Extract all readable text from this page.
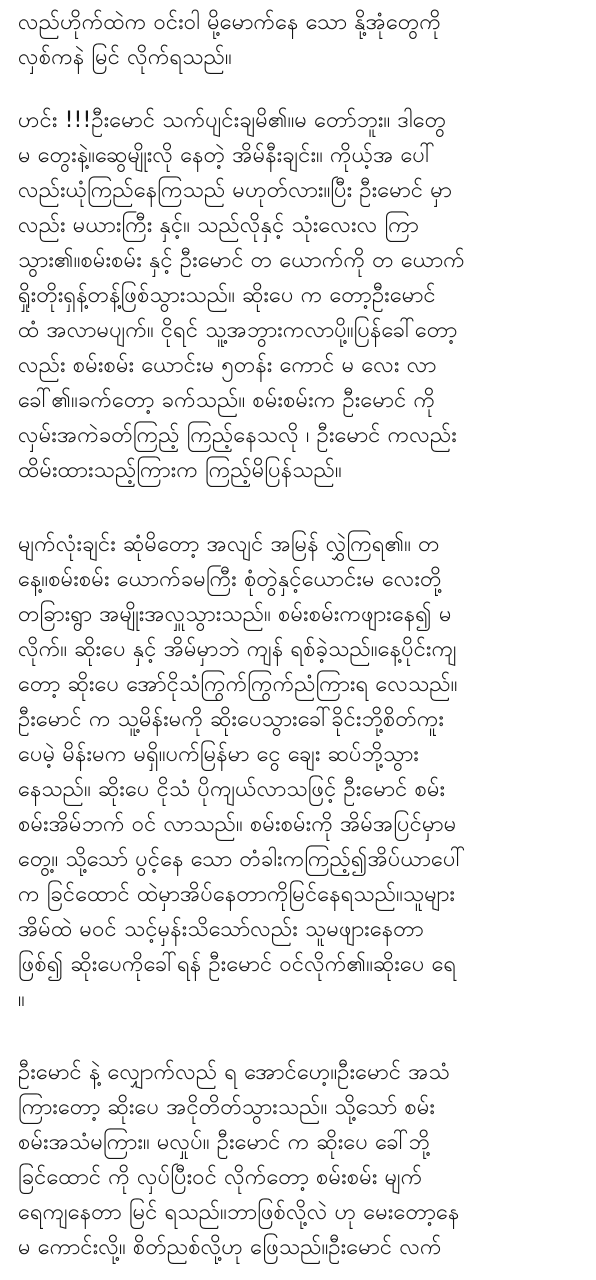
လည်ဟိုက်ထဲက ဝင်းဝါ မို့မောက်နေ သော နို့အုံတွေကို
လှစ်ကနဲ မြင် လိုက်ရသည်။

ဟင်း !!!ဦးမောင် သက်ပျင်းချမိ၏။မ တော်ဘူး။ ဒါတွေ
မ တွေးနဲ့။ဆွေမျိုးလို နေတဲ့ အိမ်နီးချင်း။ ကိုယ့်အ ပေါ်
လည်းယုံကြည်နေကြသည် မဟုတ်လား။ပြီး ဦးမောင် မှာ
လည်း မယားကြီး နှင့်။ သည်လိုနှင့် သုံးလေးလ ကြာ
သွား၏။စမ်းစမ်း နှင့် ဦးမောင် တ ယောက်ကို တ ယောက်
ရှိုးတိုးရှန့်တန့်ဖြစ်သွားသည်။ ဆိုးပေ က တော့ဦးမောင်
ထံ အလာမပျက်။ ငိုရင် သူ့အဘွားကလာပို့။ပြန်ခေါ်တော့
လည်း စမ်းစမ်း ယောင်းမ ၅တန်း ကောင် မ လေး လာ
ခေါ်၏။ခက်တော့ ခက်သည်။ စမ်းစမ်းက ဦးမောင် ကို
လှမ်းအကဲခတ်ကြည့် ကြည့်နေသလို ၊ ဦးမောင် ကလည်း
ထိမ်းထားသည့်ကြားက ကြည့်မိပြန်သည်။

မျက်လုံးချင်း ဆုံမိတော့ အလျင် အမြန် လွှဲကြရ၏။ တ
နေ့။စမ်းစမ်း ယောက်ခမကြီး စုံတွဲနှင့်ယောင်းမ လေးတို့
တခြားရွာ အမျိုးအလှူသွားသည်။ စမ်းစမ်းကဖျားနေ၍ မ
လိုက်။ ဆိုးပေ နှင့် အိမ်မှာဘဲ ကျန် ရစ်ခဲ့သည်။နေ့ပိုင်းကျ
တော့ ဆိုးပေ အော်ငိုသံကြွက်ကြွက်ညံကြားရ လေသည်။
ဦးမောင် က သူ့မိန်းမကို ဆိုးပေသွားခေါ်ခိုင်းဘို့စိတ်ကူး
ပေမဲ့ မိန်းမက မရှိ။ပက်မြန်မာ ငွေ ချေး ဆပ်ဘို့သွား
နေသည်။ ဆိုးပေ ငိုသံ ပိုကျယ်လာသဖြင့် ဦးမောင် စမ်း
စမ်းအိမ်ဘက် ဝင် လာသည်။ စမ်းစမ်းကို အိမ်အပြင်မှာမ
တွေ့။ သို့သော် ပွင့်နေ သော တံခါးကကြည့်၍အိပ်ယာပေါ်
က ခြင်ထောင် ထဲမှာအိပ်နေတာကိုမြင်နေရသည်။သူများ
အိမ်ထဲ မဝင် သင့်မှန်းသိသော်လည်း သူမဖျားနေတာ
ဖြစ်၍ ဆိုးပေကိုခေါ်ရန် ဦးမောင် ဝင်လိုက်၏။ဆိုးပေ ရေ
။

ဦးမောင် နဲ့ လျှောက်လည် ရ အောင်ဟေ့။ဦးမောင် အသံ
ကြားတော့ ဆိုးပေ အငိုတိတ်သွားသည်။ သို့သော် စမ်း
စမ်းအသံမကြား။ မလှုပ်။ ဦးမောင် က ဆိုးပေ ခေါ်ဘို့
ခြင်ထောင် ကို လှပ်ပြီးဝင် လိုက်တော့ စမ်းစမ်း မျက်
ရေကျနေတာ မြင် ရသည်။ဘာဖြစ်လို့လဲ ဟု မေးတော့နေ
မ ကောင်းလို့။ စိတ်ညစ်လို့ဟု ဖြေသည်။ဦးမောင် လက်
